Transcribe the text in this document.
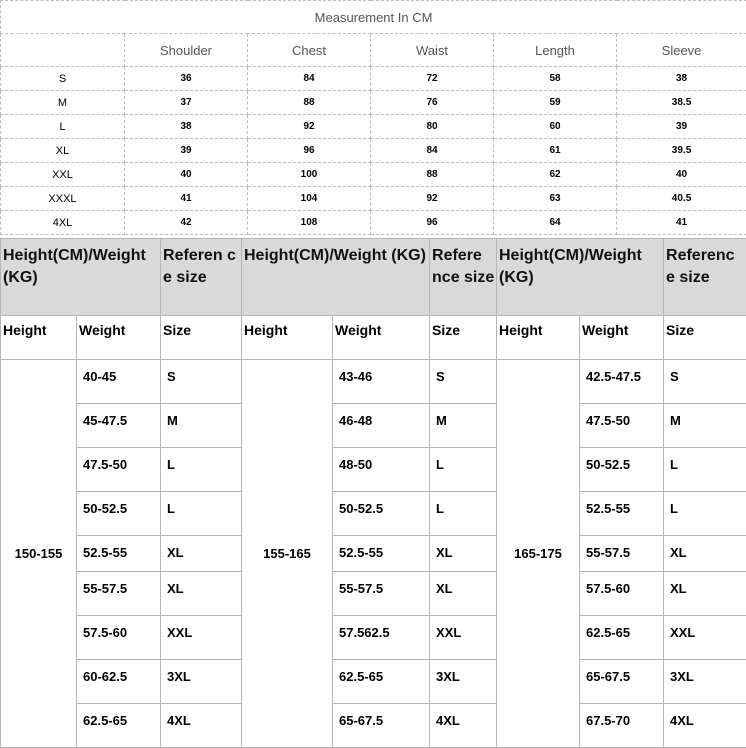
Measurement In CM					
	Shoulder	Chest	Waist	Length	Sleeve
S	36	84	72	58	38
M	37	88	76	59	38.5
L	38	92	80	60	39
XL	39	96	84	61	39.5
XXL	40	100	88	62	40
XXXL	41	104	92	63	40.5
4XL	42	108	96	64	41
Height(CM)/Weight (KG)		Referen ce size
Height	Weight	Size
150-155	40-45	S
	45-47.5	M
	47.5-50	L
	50-52.5	L
	52.5-55	XL
	55-57.5	XL
	57.5-60	XXL
	60-62.5	3XL
	62.5-65	4XL
Height(CM)/Weight (KG)		Refere nce size
Height	Weight	Size
155-165	43-46	S
	46-48	M
	48-50	L
	50-52.5	L
	52.5-55	XL
	55-57.5	XL
	57.562.5	XXL
	62.5-65	3XL
	65-67.5	4XL
Height(CM)/Weight (KG)		Referenc e size
Height	Weight	Size
165-175	42.5-47.5	S
	47.5-50	M
	50-52.5	L
	52.5-55	L
	55-57.5	XL
	57.5-60	XL
	62.5-65	XXL
	65-67.5	3XL
	67.5-70	4XL
